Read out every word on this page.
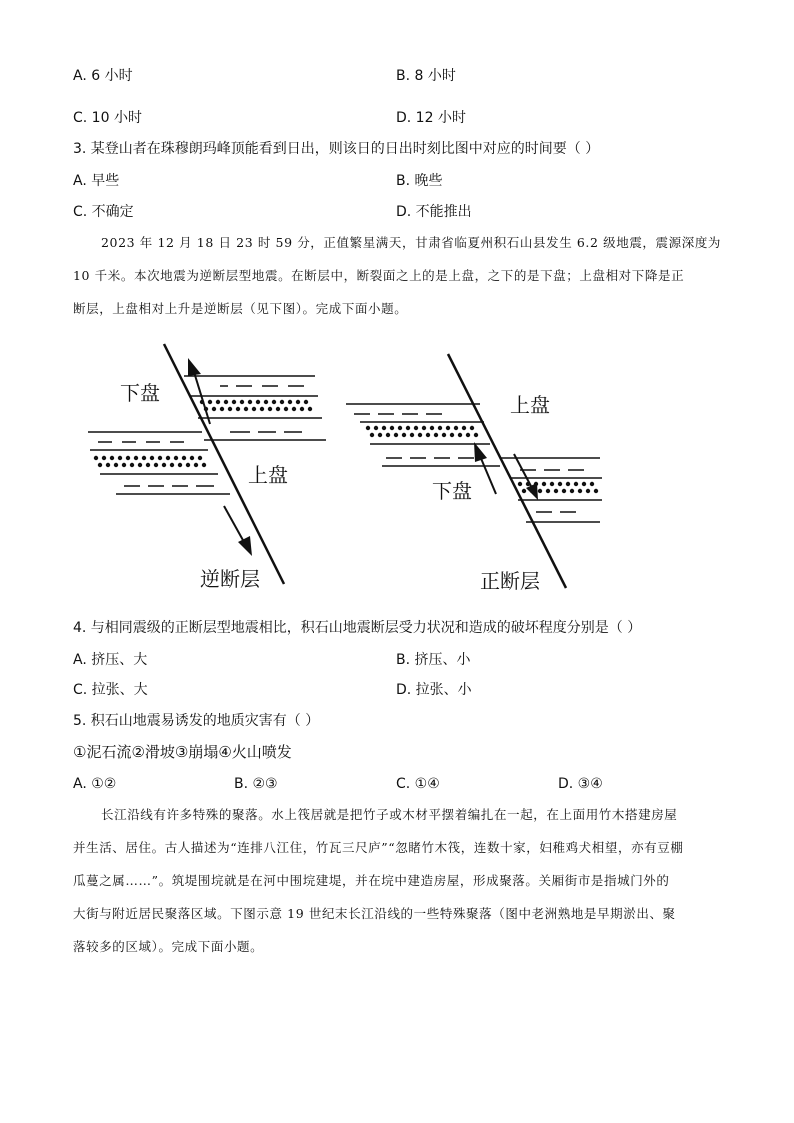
A. 6 小时	B. 8 小时
C. 10 小时	D. 12 小时
3. 某登山者在珠穆朗玛峰顶能看到日出，则该日的日出时刻比图中对应的时间要（ ）
A. 早些	B. 晚些
C. 不确定	D. 不能推出
2023 年 12 月 18 日 23 时 59 分，正值繁星满天，甘肃省临夏州积石山县发生 6.2 级地震，震源深度为
10 千米。本次地震为逆断层型地震。在断层中，断裂面之上的是上盘，之下的是下盘；上盘相对下降是正
断层，上盘相对上升是逆断层（见下图）。完成下面小题。
下盘
上盘
逆断层
上盘
下盘
正断层
4. 与相同震级的正断层型地震相比，积石山地震断层受力状况和造成的破坏程度分别是（ ）
A. 挤压、大	B. 挤压、小
C. 拉张、大	D. 拉张、小
5. 积石山地震易诱发的地质灾害有（ ）
①泥石流②滑坡③崩塌④火山喷发
A. ①②	B. ②③	C. ①④	D. ③④
长江沿线有许多特殊的聚落。水上筏居就是把竹子或木材平摆着编扎在一起，在上面用竹木搭建房屋
并生活、居住。古人描述为“连排八江住，竹瓦三尺庐”“忽睹竹木筏，连数十家，妇稚鸡犬相望，亦有豆棚
瓜蔓之属……”。筑堤围垸就是在河中围垸建堤，并在垸中建造房屋，形成聚落。关厢街市是指城门外的
大街与附近居民聚落区域。下图示意 19 世纪末长江沿线的一些特殊聚落（图中老洲熟地是早期淤出、聚
落较多的区域）。完成下面小题。
